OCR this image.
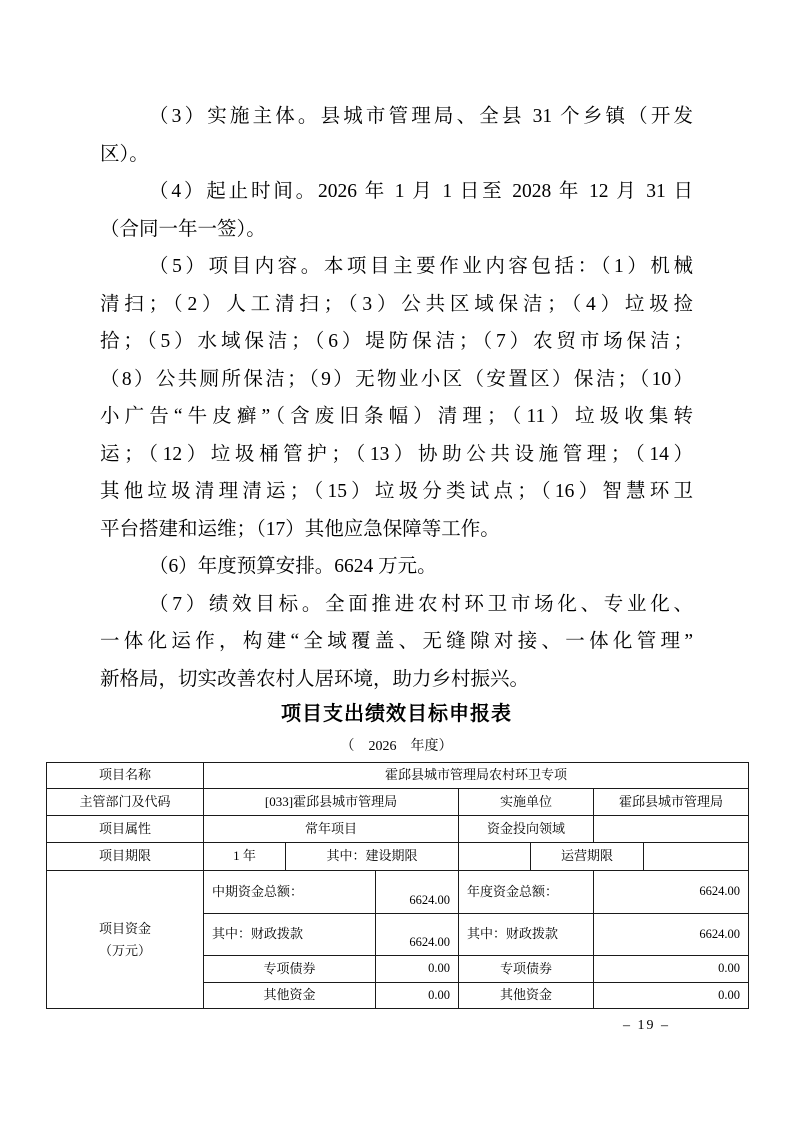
（3）实施主体。县城市管理局、全县 31 个乡镇（开发

区）。

（4）起止时间。2026 年 1 月 1 日至 2028 年 12 月 31 日

（合同一年一签）。

（5）项目内容。本项目主要作业内容包括：（1）机械

清扫；（2）人工清扫；（3）公共区域保洁；（4）垃圾捡

拾；（5）水域保洁；（6）堤防保洁；（7）农贸市场保洁；

（8）公共厕所保洁；（9）无物业小区（安置区）保洁；（10）

小广告“牛皮癣”（含废旧条幅）清理；（11）垃圾收集转

运；（12）垃圾桶管护；（13）协助公共设施管理；（14）

其他垃圾清理清运；（15）垃圾分类试点；（16）智慧环卫

平台搭建和运维；（17）其他应急保障等工作。

（6）年度预算安排。6624 万元。

（7）绩效目标。全面推进农村环卫市场化、专业化、

一体化运作，构建“全域覆盖、无缝隙对接、一体化管理”

新格局，切实改善农村人居环境，助力乡村振兴。

项目支出绩效目标申报表
（　2026　年度）
项目名称	霍邱县城市管理局农村环卫专项						
主管部门及代码	[033]霍邱县城市管理局			实施单位		霍邱县城市管理局	
项目属性	常年项目			资金投向领域			
项目期限	1 年	其中：建设期限			运营期限		

项目资金
（万元）	中期资金总额：		6624.00	年度资金总额：		6624.00	
	其中：财政拨款		6624.00	其中：财政拨款		6624.00	
	专项债券		0.00	专项债券		0.00	
	其他资金		0.00	其他资金		0.00	
– 19 –
